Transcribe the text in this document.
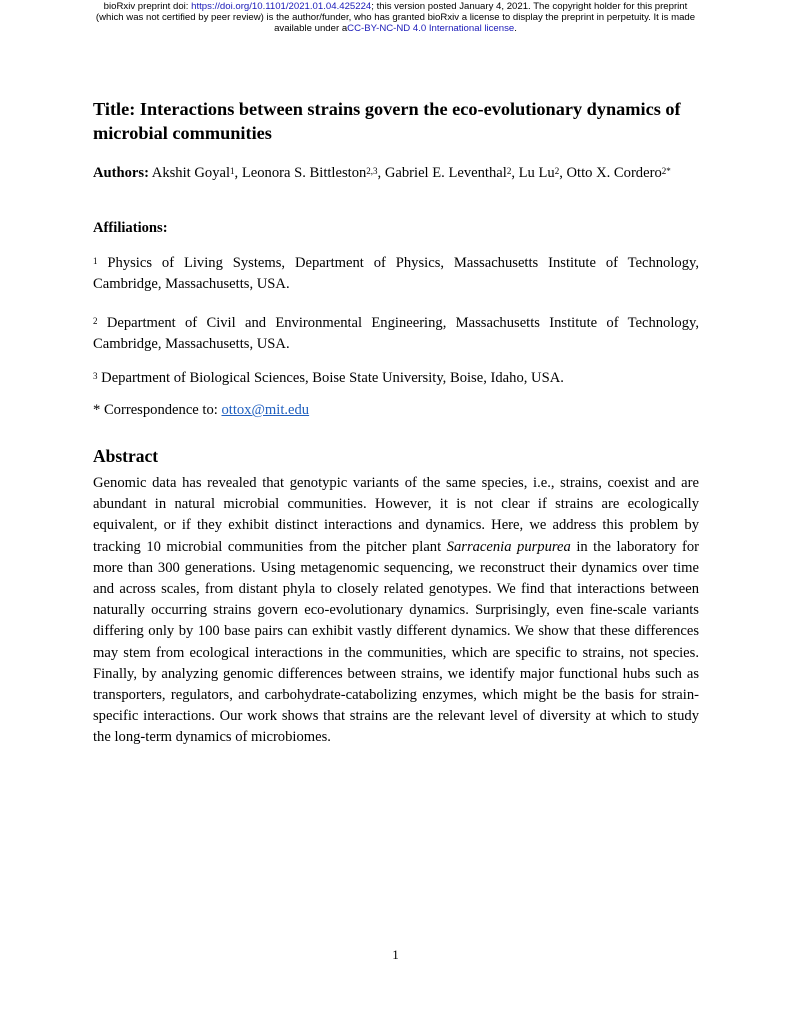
bioRxiv preprint doi: https://doi.org/10.1101/2021.01.04.425224; this version posted January 4, 2021. The copyright holder for this preprint
(which was not certified by peer review) is the author/funder, who has granted bioRxiv a license to display the preprint in perpetuity. It is made
available under aCC-BY-NC-ND 4.0 International license.
Title: Interactions between strains govern the eco-evolutionary dynamics of microbial communities
Authors: Akshit Goyal$^1$, Leonora S. Bittleston$^{2,3}$, Gabriel E. Leventhal$^2$, Lu Lu$^2$, Otto X. Cordero$^{2*}$
Affiliations:
$^1$ Physics of Living Systems, Department of Physics, Massachusetts Institute of Technology, Cambridge, Massachusetts, USA.
$^2$ Department of Civil and Environmental Engineering, Massachusetts Institute of Technology, Cambridge, Massachusetts, USA.
$^3$ Department of Biological Sciences, Boise State University, Boise, Idaho, USA.
* Correspondence to: ottox@mit.edu
Abstract
Genomic data has revealed that genotypic variants of the same species, i.e., strains, coexist and are abundant in natural microbial communities. However, it is not clear if strains are ecologically equivalent, or if they exhibit distinct interactions and dynamics. Here, we address this problem by tracking 10 microbial communities from the pitcher plant Sarracenia purpurea in the laboratory for more than 300 generations. Using metagenomic sequencing, we reconstruct their dynamics over time and across scales, from distant phyla to closely related genotypes. We find that interactions between naturally occurring strains govern eco-evolutionary dynamics. Surprisingly, even fine-scale variants differing only by 100 base pairs can exhibit vastly different dynamics. We show that these differences may stem from ecological interactions in the communities, which are specific to strains, not species. Finally, by analyzing genomic differences between strains, we identify major functional hubs such as transporters, regulators, and carbohydrate-catabolizing enzymes, which might be the basis for strain-specific interactions. Our work shows that strains are the relevant level of diversity at which to study the long-term dynamics of microbiomes.
1
